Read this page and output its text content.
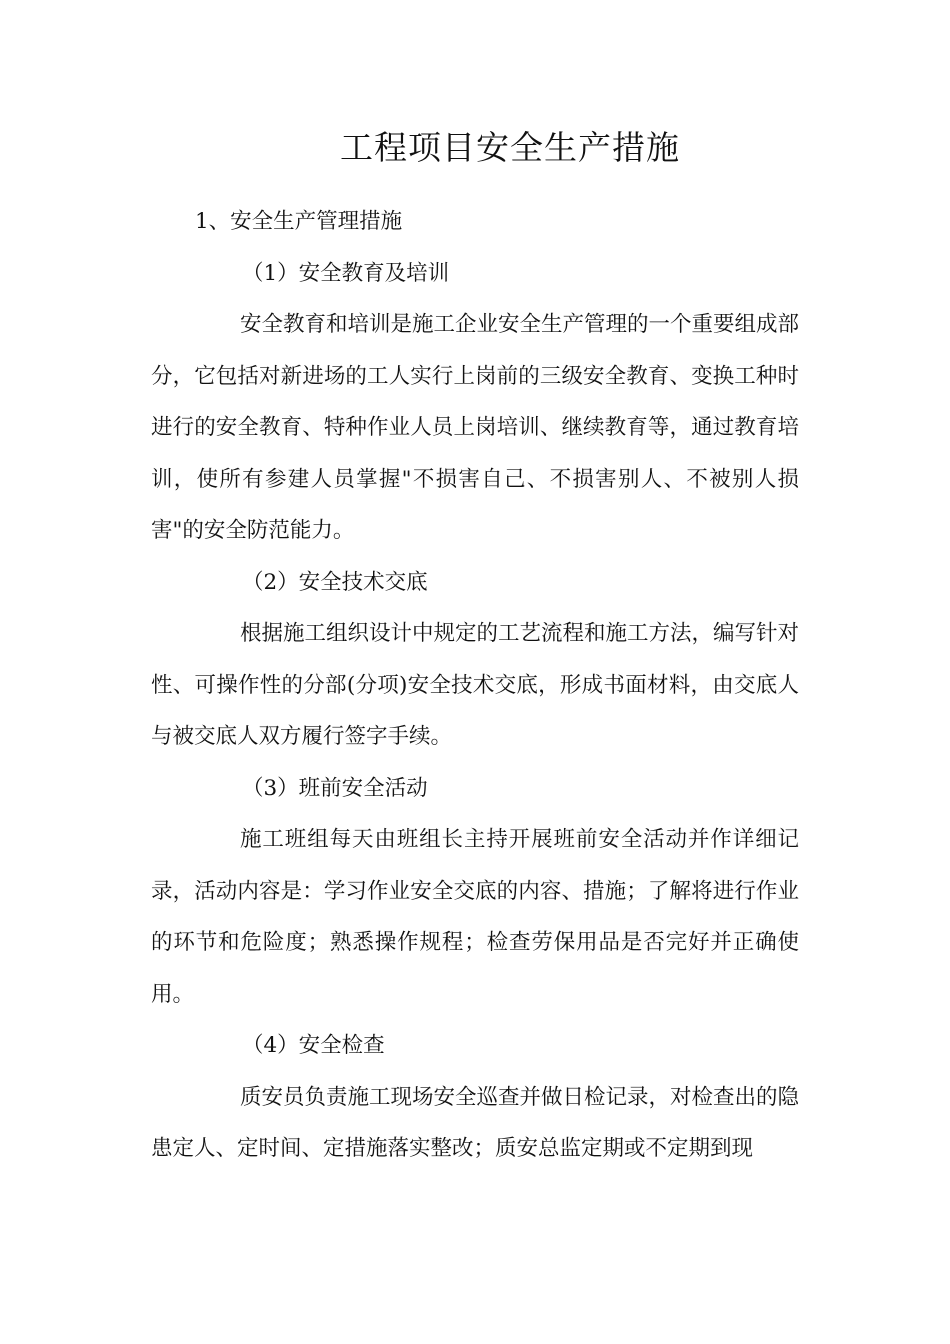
工程项目安全生产措施

1、安全生产管理措施

（1）安全教育及培训

安全教育和培训是施工企业安全生产管理的一个重要组成部分，它包括对新进场的工人实行上岗前的三级安全教育、变换工种时进行的安全教育、特种作业人员上岗培训、继续教育等，通过教育培训，使所有参建人员掌握"不损害自己、不损害别人、不被别人损害"的安全防范能力。

（2）安全技术交底

根据施工组织设计中规定的工艺流程和施工方法，编写针对性、可操作性的分部(分项)安全技术交底，形成书面材料，由交底人与被交底人双方履行签字手续。

（3）班前安全活动

施工班组每天由班组长主持开展班前安全活动并作详细记录，活动内容是：学习作业安全交底的内容、措施；了解将进行作业的环节和危险度；熟悉操作规程；检查劳保用品是否完好并正确使用。

（4）安全检查

质安员负责施工现场安全巡查并做日检记录，对检查出的隐患定人、定时间、定措施落实整改；质安总监定期或不定期到现
